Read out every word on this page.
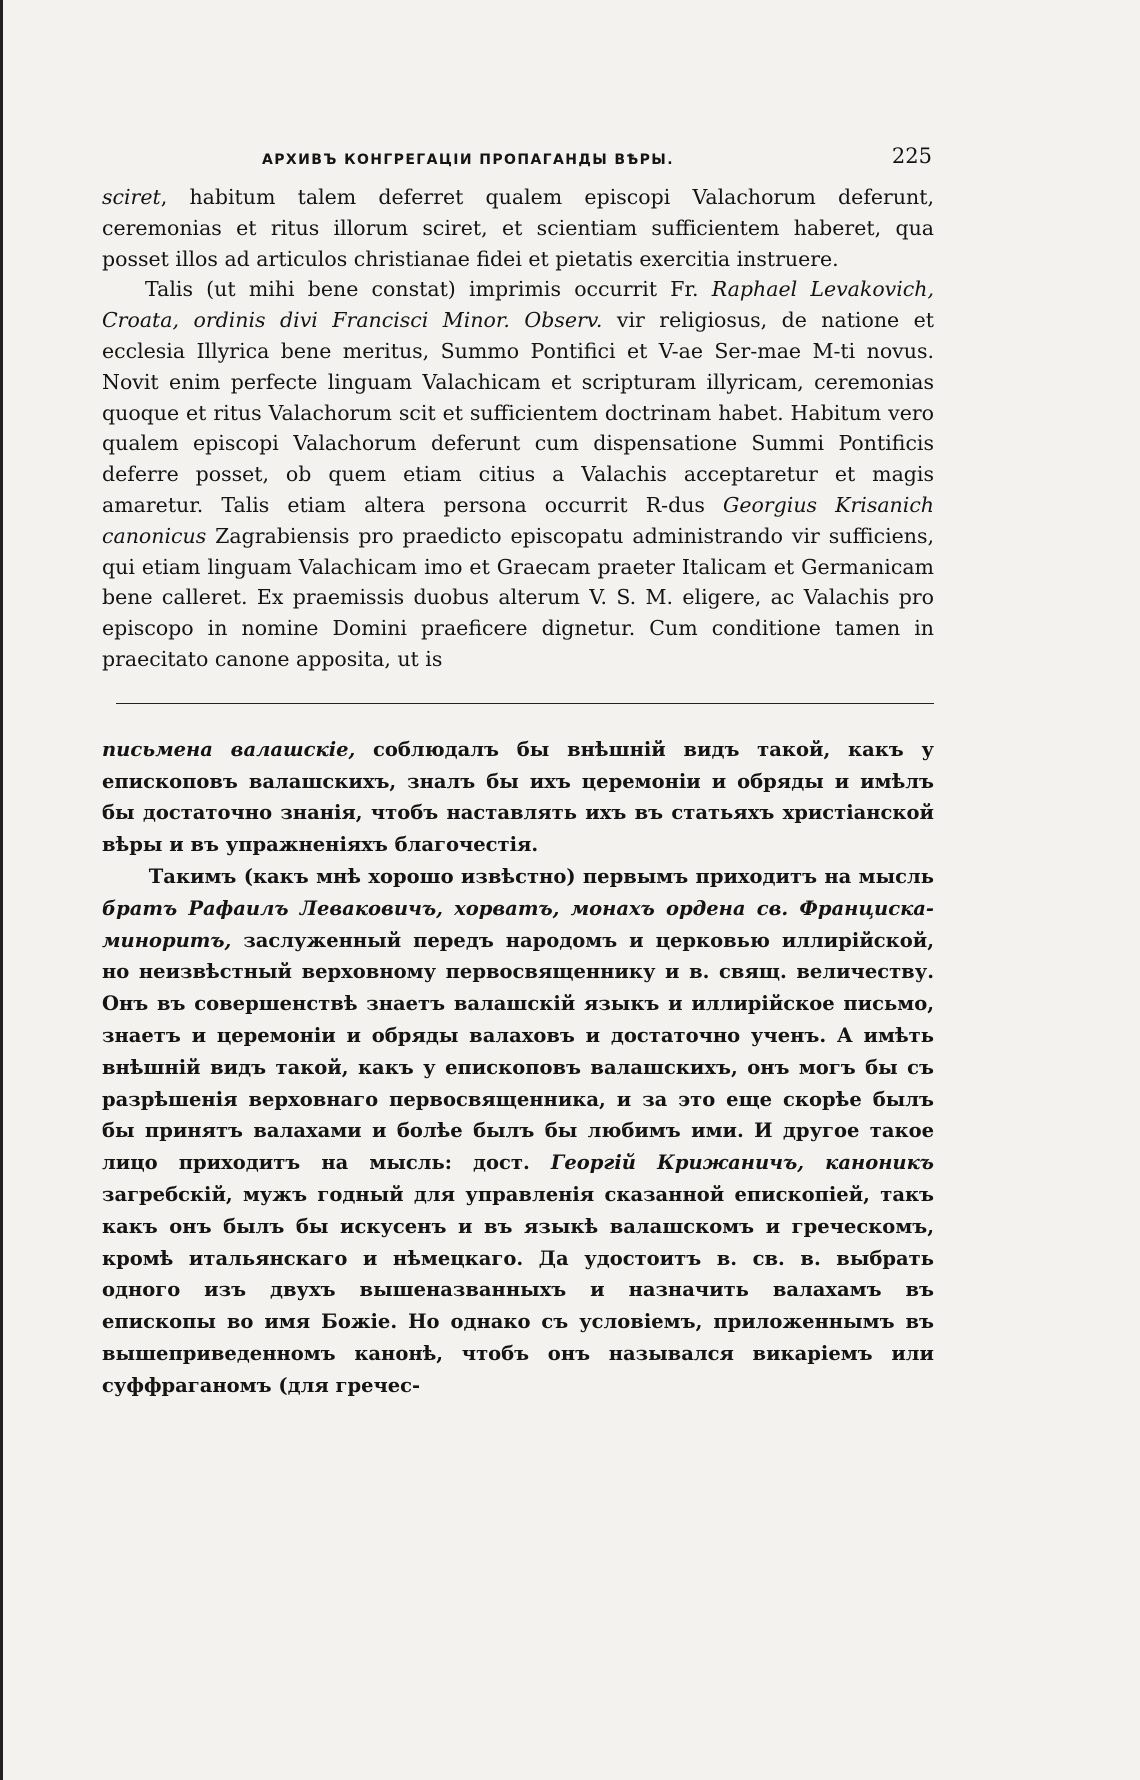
АРХИВЪ КОНГРЕГАЦІИ ПРОПАГАНДЫ ВѢРЫ.	225

sciret, habitum talem deferret qualem episcopi Valachorum deferunt, ceremonias et ritus illorum sciret, et scientiam sufficientem haberet, qua posset illos ad articulos christianae fidei et pietatis exercitia instruere.

Talis (ut mihi bene constat) imprimis occurrit Fr. Raphael Levakovich, Croata, ordinis divi Francisci Minor. Observ. vir religiosus, de natione et ecclesia Illyrica bene meritus, Summo Pontifici et V-ae Ser-mae M-ti novus. Novit enim perfecte linguam Valachicam et scripturam illyricam, ceremonias quoque et ritus Valachorum scit et sufficientem doctrinam habet. Habitum vero qualem episcopi Valachorum deferunt cum dispensatione Summi Pontificis deferre posset, ob quem etiam citius a Valachis acceptaretur et magis amaretur. Talis etiam altera persona occurrit R-dus Georgius Krisanich canonicus Zagrabiensis pro praedicto episcopatu administrando vir sufficiens, qui etiam linguam Valachicam imo et Graecam praeter Italicam et Germanicam bene calleret. Ex praemissis duobus alterum V. S. M. eligere, ac Valachis pro episcopo in nomine Domini praeficere dignetur. Cum conditione tamen in praecitato canone apposita, ut is

письмена валашскіе, соблюдалъ бы внѣшній видъ такой, какъ у епископовъ валашскихъ, зналъ бы ихъ церемоніи и обряды и имѣлъ бы достаточно знанія, чтобъ наставлять ихъ въ статьяхъ христіанской вѣры и въ упражненіяхъ благочестія.

Такимъ (какъ мнѣ хорошо извѣстно) первымъ приходитъ на мысль братъ Рафаилъ Леваковичъ, хорватъ, монахъ ордена св. Франциска-миноритъ, заслуженный передъ народомъ и церковью иллирійской, но неизвѣстный верховному первосвященнику и в. свящ. величеству. Онъ въ совершенствѣ знаетъ валашскій языкъ и иллирійское письмо, знаетъ и церемоніи и обряды валаховъ и достаточно ученъ. А имѣть внѣшній видъ такой, какъ у епископовъ валашскихъ, онъ могъ бы съ разрѣшенія верховнаго первосвященника, и за это еще скорѣе былъ бы принятъ валахами и болѣе былъ бы любимъ ими. И другое такое лицо приходитъ на мысль: дост. Георгій Крижаничъ, каноникъ загребскій, мужъ годный для управленія сказанной епископіей, такъ какъ онъ былъ бы искусенъ и въ языкѣ валашскомъ и греческомъ, кромѣ итальянскаго и нѣмецкаго. Да удостоитъ в. св. в. выбрать одного изъ двухъ вышеназванныхъ и назначить валахамъ въ епископы во имя Божіе. Но однако съ условіемъ, приложеннымъ въ вышеприведенномъ канонѣ, чтобъ онъ назывался викаріемъ или суффраганомъ (для гречес-
